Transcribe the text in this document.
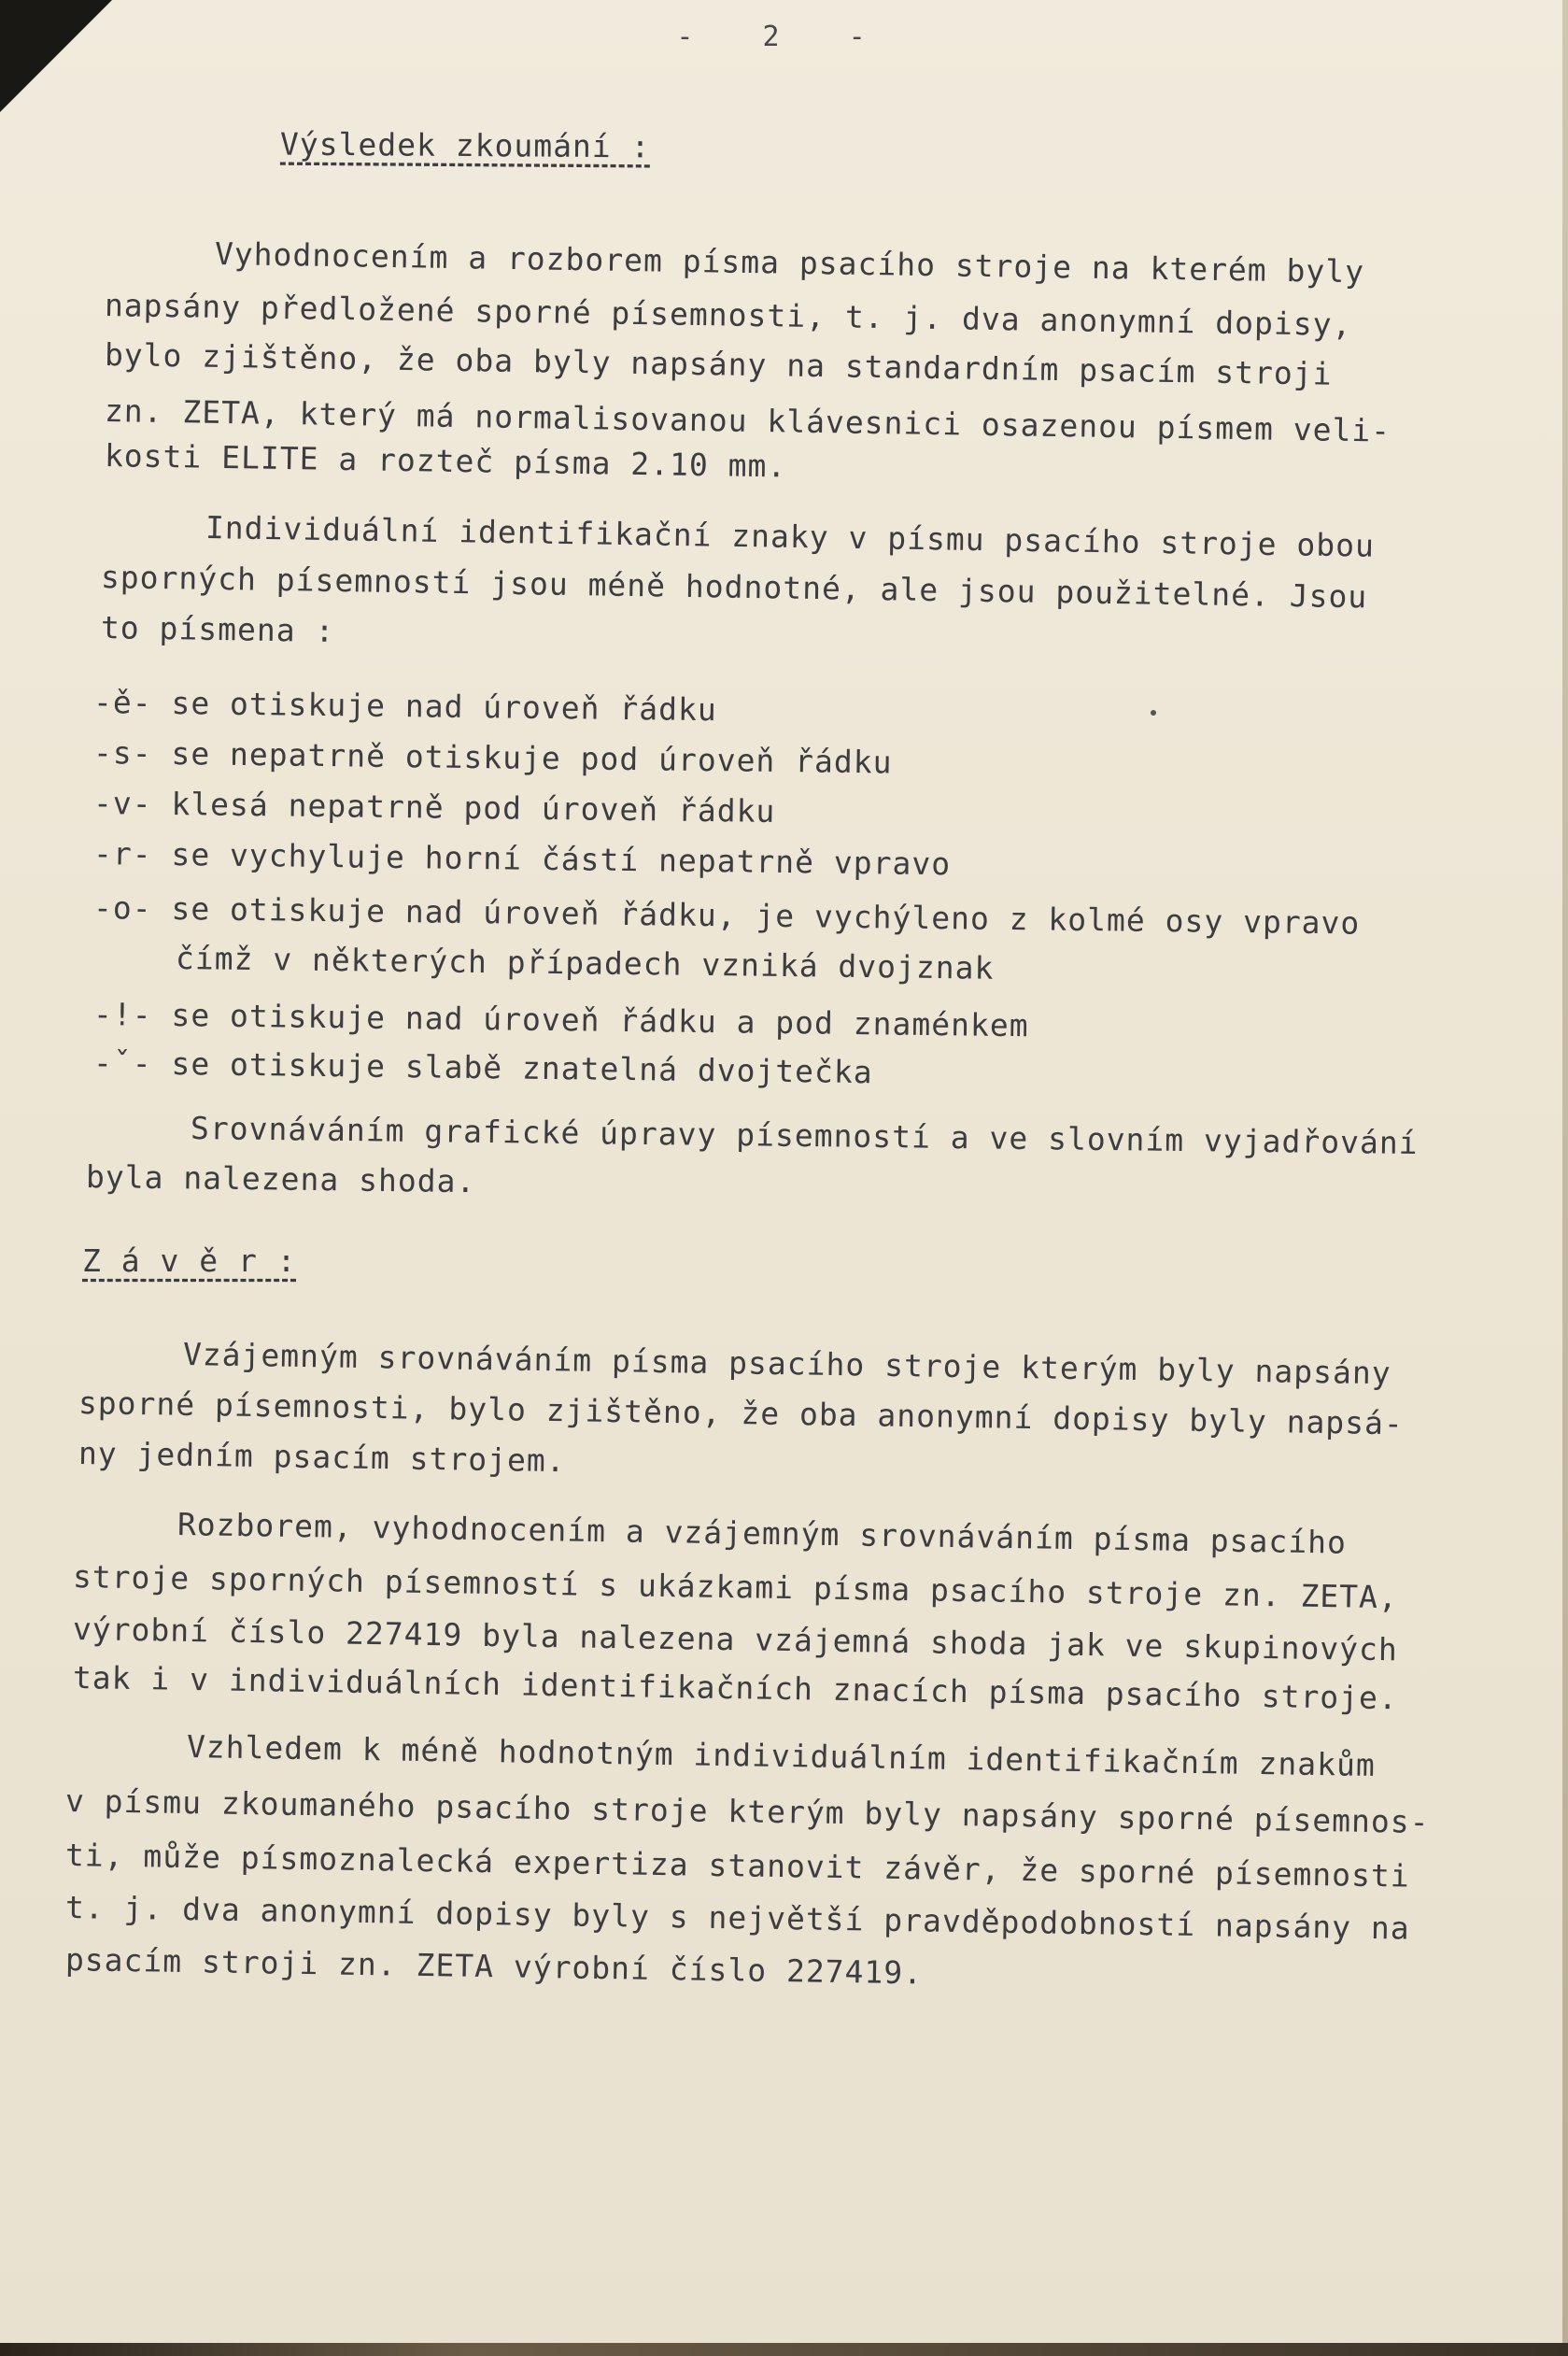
- 2 -
Výsledek zkoumání :
Vyhodnocením a rozborem písma psacího stroje na kterém byly
napsány předložené sporné písemnosti, t. j. dva anonymní dopisy,
bylo zjištěno, že oba byly napsány na standardním psacím stroji
zn. ZETA, který má normalisovanou klávesnici osazenou písmem veli-
kosti ELITE a rozteč písma 2.10 mm.
Individuální identifikační znaky v písmu psacího stroje obou
sporných písemností jsou méně hodnotné, ale jsou použitelné. Jsou
to písmena :
-ě- se otiskuje nad úroveň řádku
-s- se nepatrně otiskuje pod úroveň řádku
-v- klesá nepatrně pod úroveň řádku
-r- se vychyluje horní částí nepatrně vpravo
-o- se otiskuje nad úroveň řádku, je vychýleno z kolmé osy vpravo
čímž v některých případech vzniká dvojznak
-!- se otiskuje nad úroveň řádku a pod znaménkem
-ˇ- se otiskuje slabě znatelná dvojtečka
Srovnáváním grafické úpravy písemností a ve slovním vyjadřování
byla nalezena shoda.
Z á v ě r :
Vzájemným srovnáváním písma psacího stroje kterým byly napsány
sporné písemnosti, bylo zjištěno, že oba anonymní dopisy byly napsá-
ny jedním psacím strojem.
Rozborem, vyhodnocením a vzájemným srovnáváním písma psacího
stroje sporných písemností s ukázkami písma psacího stroje zn. ZETA,
výrobní číslo 227419 byla nalezena vzájemná shoda jak ve skupinových
tak i v individuálních identifikačních znacích písma psacího stroje.
Vzhledem k méně hodnotným individuálním identifikačním znakům
v písmu zkoumaného psacího stroje kterým byly napsány sporné písemnos-
ti, může písmoznalecká expertiza stanovit závěr, že sporné písemnosti
t. j. dva anonymní dopisy byly s největší pravděpodobností napsány na
psacím stroji zn. ZETA výrobní číslo 227419.
